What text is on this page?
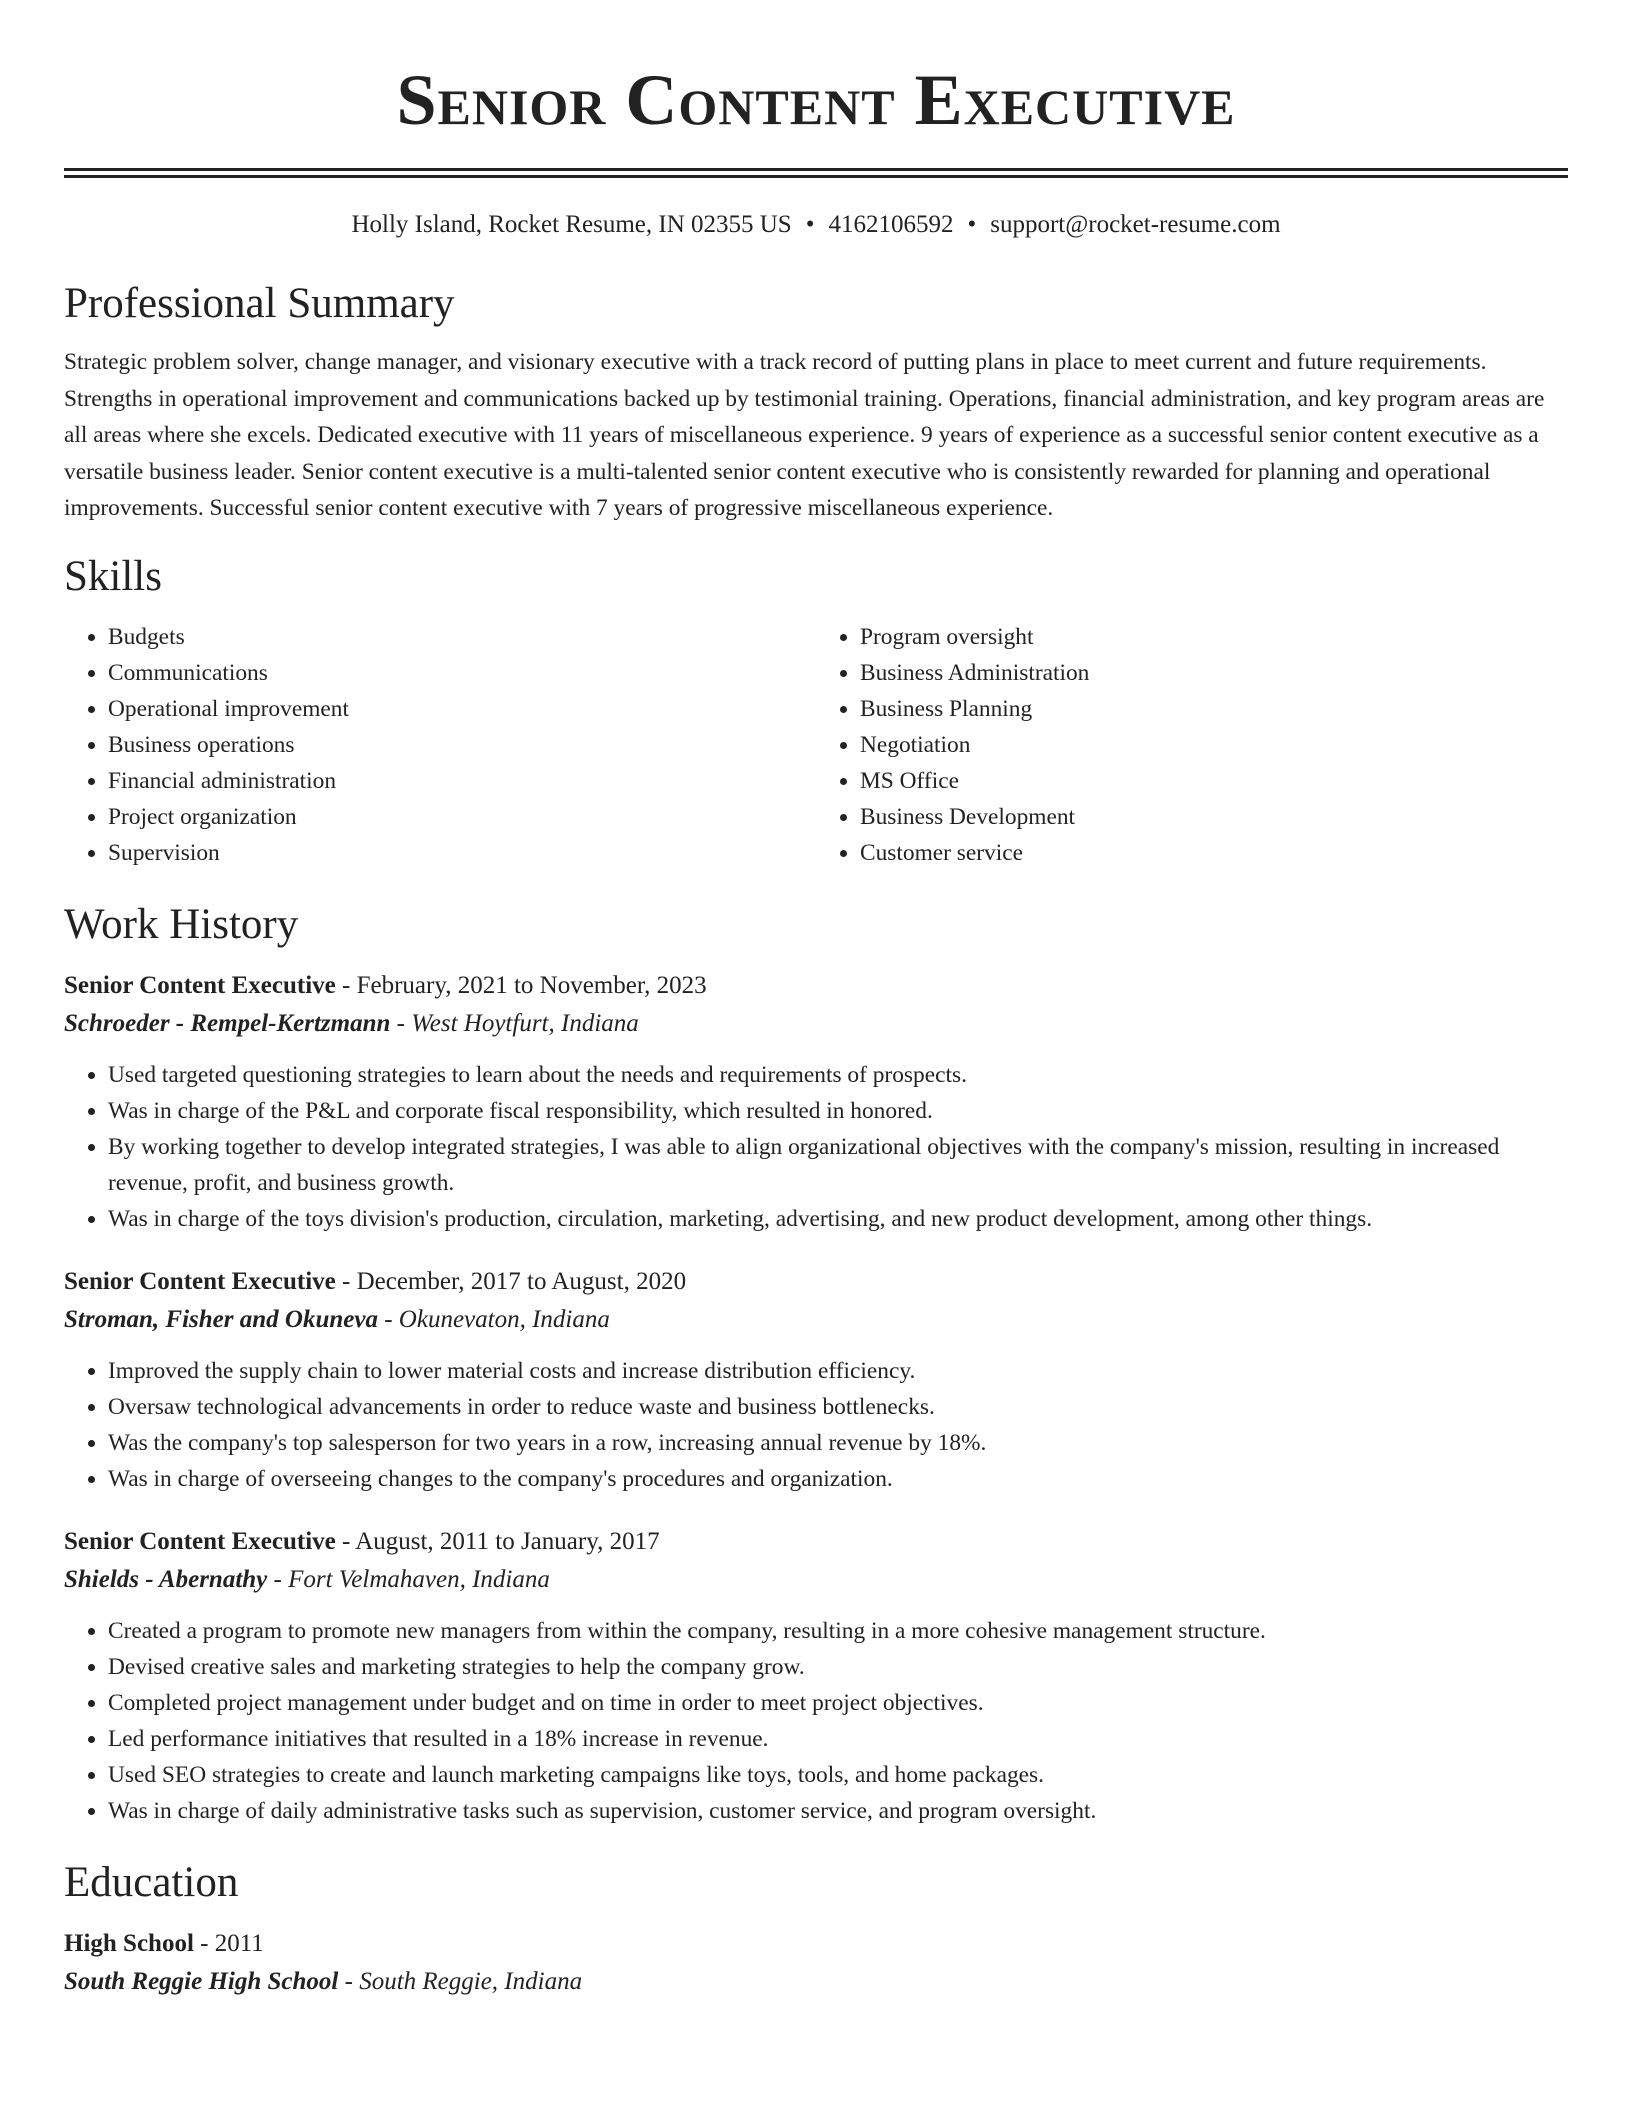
Senior Content Executive
Holly Island, Rocket Resume, IN 02355 US • 4162106592 • support@rocket-resume.com
Professional Summary

Strategic problem solver, change manager, and visionary executive with a track record of putting plans in place to meet current and future requirements. Strengths in operational improvement and communications backed up by testimonial training. Operations, financial administration, and key program areas are all areas where she excels. Dedicated executive with 11 years of miscellaneous experience. 9 years of experience as a successful senior content executive as a versatile business leader. Senior content executive is a multi-talented senior content executive who is consistently rewarded for planning and operational improvements. Successful senior content executive with 7 years of progressive miscellaneous experience.

Skills
• Budgets
• Communications
• Operational improvement
• Business operations
• Financial administration
• Project organization
• Supervision
• Program oversight
• Business Administration
• Business Planning
• Negotiation
• MS Office
• Business Development
• Customer service
Work History
Senior Content Executive - February, 2021 to November, 2023
Schroeder - Rempel-Kertzmann - West Hoytfurt, Indiana
• Used targeted questioning strategies to learn about the needs and requirements of prospects.
• Was in charge of the P&L and corporate fiscal responsibility, which resulted in honored.
• By working together to develop integrated strategies, I was able to align organizational objectives with the company's mission, resulting in increased revenue, profit, and business growth.
• Was in charge of the toys division's production, circulation, marketing, advertising, and new product development, among other things.
Senior Content Executive - December, 2017 to August, 2020
Stroman, Fisher and Okuneva - Okunevaton, Indiana
• Improved the supply chain to lower material costs and increase distribution efficiency.
• Oversaw technological advancements in order to reduce waste and business bottlenecks.
• Was the company's top salesperson for two years in a row, increasing annual revenue by 18%.
• Was in charge of overseeing changes to the company's procedures and organization.
Senior Content Executive - August, 2011 to January, 2017
Shields - Abernathy - Fort Velmahaven, Indiana
• Created a program to promote new managers from within the company, resulting in a more cohesive management structure.
• Devised creative sales and marketing strategies to help the company grow.
• Completed project management under budget and on time in order to meet project objectives.
• Led performance initiatives that resulted in a 18% increase in revenue.
• Used SEO strategies to create and launch marketing campaigns like toys, tools, and home packages.
• Was in charge of daily administrative tasks such as supervision, customer service, and program oversight.
Education
High School - 2011
South Reggie High School - South Reggie, Indiana
